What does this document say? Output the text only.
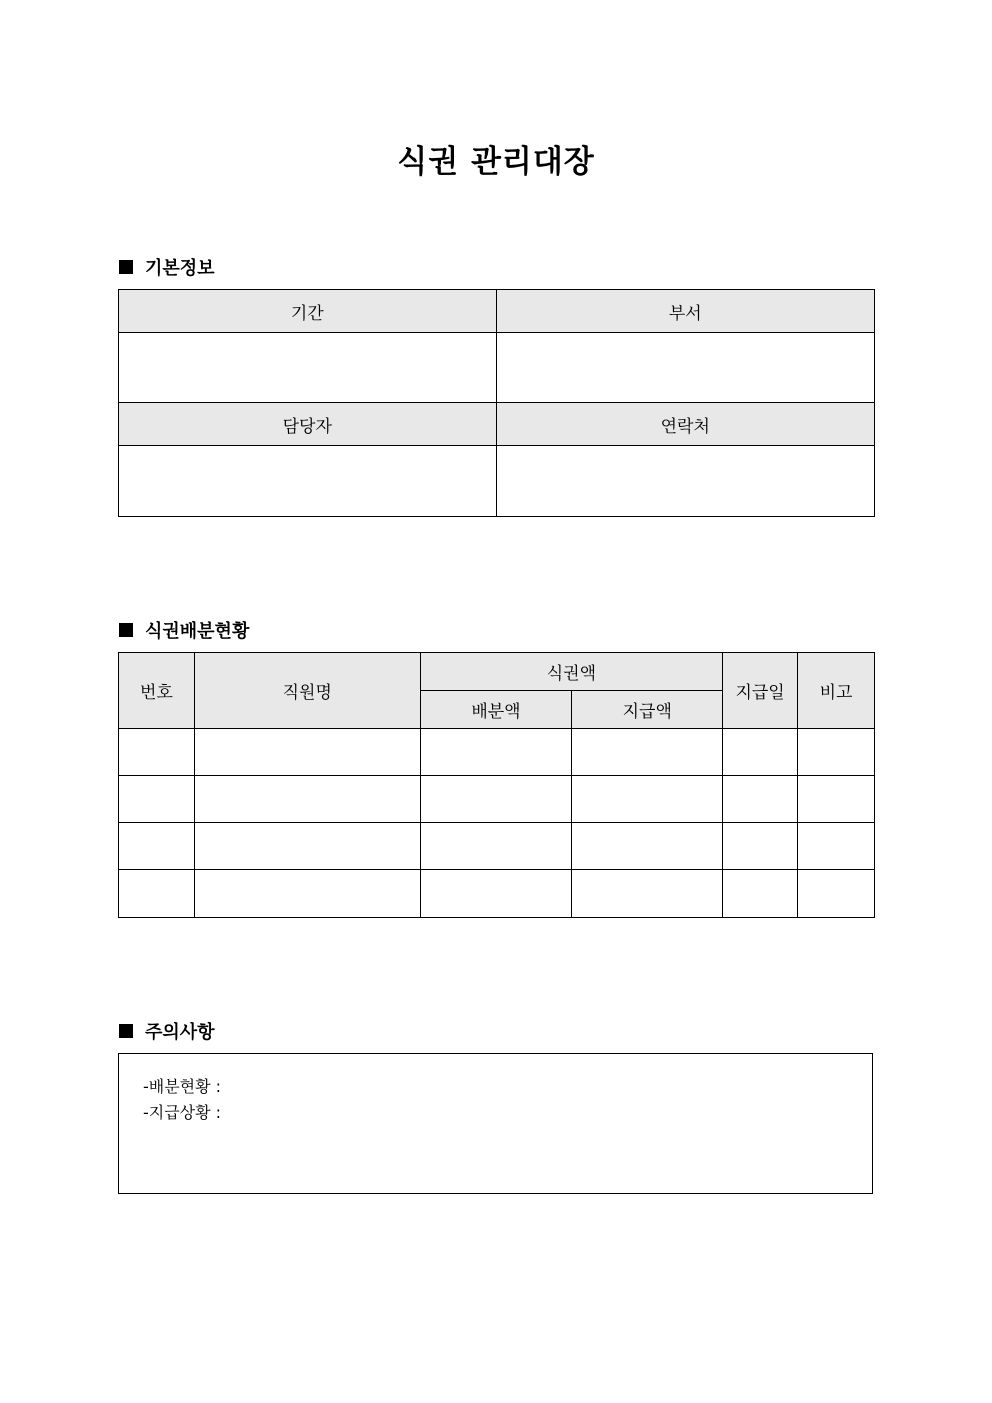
식권 관리대장
기본정보
기간	부서

담당자	연락처

식권배분현황
번호	직원명	식권액		지급일	비고
		배분액	지급액		

주의사항
-배분현황 :
-지급상황 :
